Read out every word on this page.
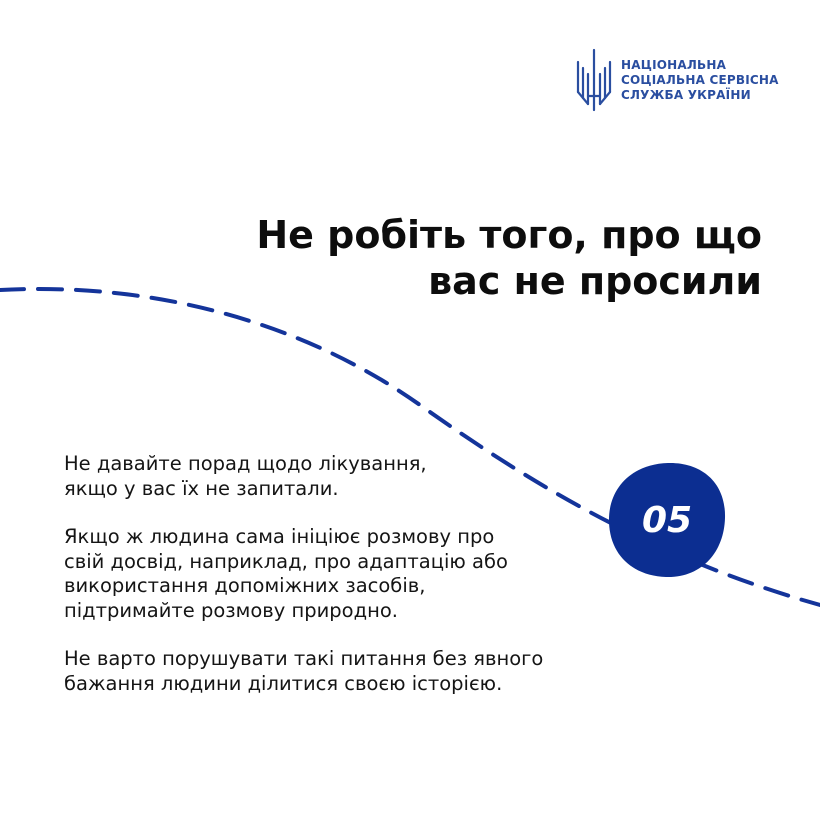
НАЦІОНАЛЬНА
СОЦІАЛЬНА СЕРВІСНА
СЛУЖБА УКРАЇНИ
Не робіть того, про що
вас не просили
05
Не давайте порад щодо лікування,
якщо у вас їх не запитали.
Якщо ж людина сама ініціює розмову про
свій досвід, наприклад, про адаптацію або
використання допоміжних засобів,
підтримайте розмову природно.
Не варто порушувати такі питання без явного
бажання людини ділитися своєю історією.
